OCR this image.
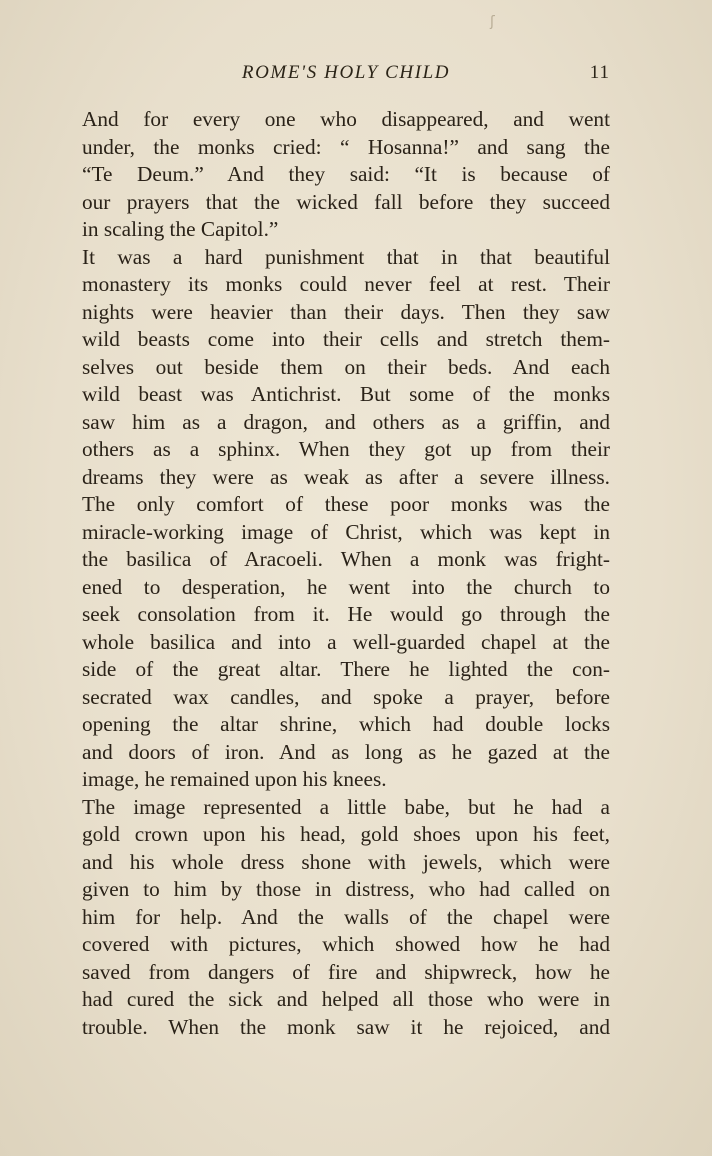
ʃ
ROME'S HOLY CHILD	11
And for every one who disappeared, and went
under, the monks cried: “ Hosanna!” and sang the
“Te Deum.” And they said: “It is because of
our prayers that the wicked fall before they succeed
in scaling the Capitol.”
It was a hard punishment that in that beautiful
monastery its monks could never feel at rest. Their
nights were heavier than their days. Then they saw
wild beasts come into their cells and stretch them-
selves out beside them on their beds. And each
wild beast was Antichrist. But some of the monks
saw him as a dragon, and others as a griffin, and
others as a sphinx. When they got up from their
dreams they were as weak as after a severe illness.
The only comfort of these poor monks was the
miracle-working image of Christ, which was kept in
the basilica of Aracoeli. When a monk was fright-
ened to desperation, he went into the church to
seek consolation from it. He would go through the
whole basilica and into a well-guarded chapel at the
side of the great altar. There he lighted the con-
secrated wax candles, and spoke a prayer, before
opening the altar shrine, which had double locks
and doors of iron. And as long as he gazed at the
image, he remained upon his knees.
The image represented a little babe, but he had a
gold crown upon his head, gold shoes upon his feet,
and his whole dress shone with jewels, which were
given to him by those in distress, who had called on
him for help. And the walls of the chapel were
covered with pictures, which showed how he had
saved from dangers of fire and shipwreck, how he
had cured the sick and helped all those who were in
trouble. When the monk saw it he rejoiced, and
